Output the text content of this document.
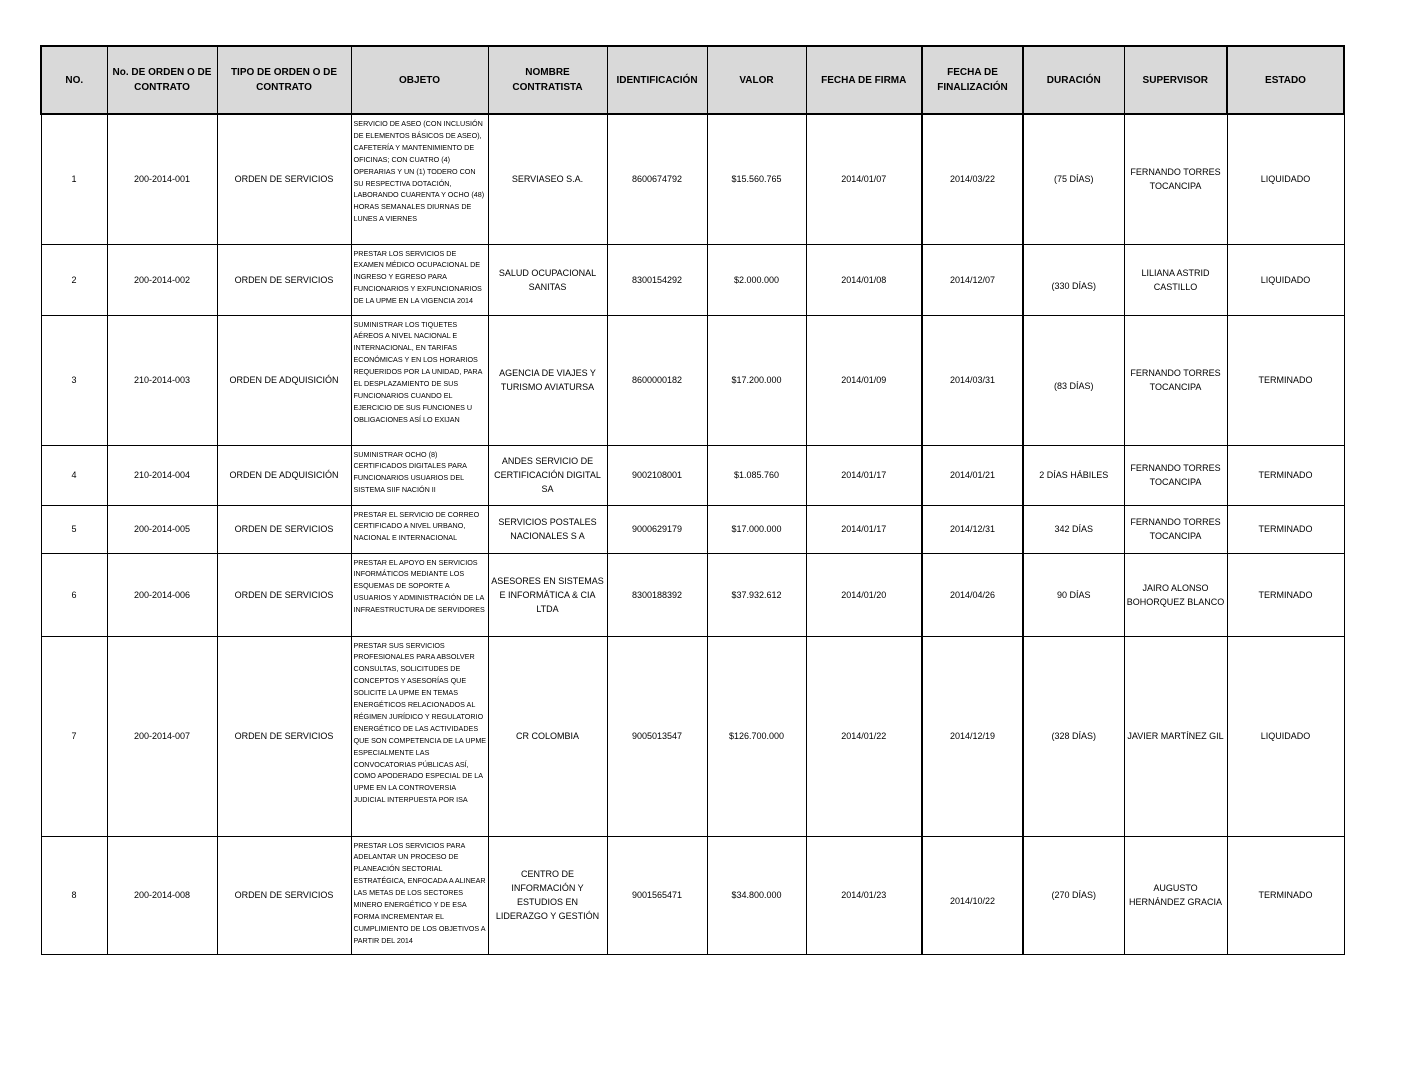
NO.	No. DE ORDEN O DE CONTRATO	TIPO DE ORDEN O DE CONTRATO	OBJETO	NOMBRE CONTRATISTA	IDENTIFICACIÓN	VALOR	FECHA DE FIRMA	FECHA DE FINALIZACIÓN	DURACIÓN	SUPERVISOR	ESTADO
1	200-2014-001	ORDEN DE SERVICIOS	SERVICIO DE ASEO (CON INCLUSIÓN DE ELEMENTOS BÁSICOS DE ASEO), CAFETERÍA Y MANTENIMIENTO DE OFICINAS; CON CUATRO (4) OPERARIAS Y UN (1) TODERO CON SU RESPECTIVA DOTACIÓN, LABORANDO CUARENTA Y OCHO (48) HORAS SEMANALES DIURNAS DE LUNES A VIERNES	SERVIASEO S.A.	8600674792	$15.560.765	2014/01/07	2014/03/22	(75 DÍAS)	FERNANDO TORRES TOCANCIPA	LIQUIDADO
2	200-2014-002	ORDEN DE SERVICIOS	PRESTAR LOS SERVICIOS DE EXAMEN MÉDICO OCUPACIONAL DE INGRESO Y EGRESO PARA FUNCIONARIOS Y EXFUNCIONARIOS DE LA UPME EN LA VIGENCIA 2014	SALUD OCUPACIONAL SANITAS	8300154292	$2.000.000	2014/01/08	2014/12/07	(330 DÍAS)	LILIANA ASTRID CASTILLO	LIQUIDADO
3	210-2014-003	ORDEN DE ADQUISICIÓN	SUMINISTRAR LOS TIQUETES AÉREOS A NIVEL NACIONAL E INTERNACIONAL, EN TARIFAS ECONÓMICAS Y EN LOS HORARIOS REQUERIDOS POR LA UNIDAD, PARA EL DESPLAZAMIENTO DE SUS FUNCIONARIOS CUANDO EL EJERCICIO DE SUS FUNCIONES U OBLIGACIONES ASÍ LO EXIJAN	AGENCIA DE VIAJES Y TURISMO AVIATURSA	8600000182	$17.200.000	2014/01/09	2014/03/31	(83 DÍAS)	FERNANDO TORRES TOCANCIPA	TERMINADO
4	210-2014-004	ORDEN DE ADQUISICIÓN	SUMINISTRAR OCHO (8) CERTIFICADOS DIGITALES PARA FUNCIONARIOS USUARIOS DEL SISTEMA SIIF NACIÓN II	ANDES SERVICIO DE CERTIFICACIÓN DIGITAL SA	9002108001	$1.085.760	2014/01/17	2014/01/21	2 DÍAS HÁBILES	FERNANDO TORRES TOCANCIPA	TERMINADO
5	200-2014-005	ORDEN DE SERVICIOS	PRESTAR EL SERVICIO DE CORREO CERTIFICADO A NIVEL URBANO, NACIONAL E INTERNACIONAL	SERVICIOS POSTALES NACIONALES S A	9000629179	$17.000.000	2014/01/17	2014/12/31	342 DÍAS	FERNANDO TORRES TOCANCIPA	TERMINADO
6	200-2014-006	ORDEN DE SERVICIOS	PRESTAR EL APOYO EN SERVICIOS INFORMÁTICOS MEDIANTE LOS ESQUEMAS DE SOPORTE A USUARIOS Y ADMINISTRACIÓN DE LA INFRAESTRUCTURA DE SERVIDORES	ASESORES EN SISTEMAS E INFORMÁTICA & CIA LTDA	8300188392	$37.932.612	2014/01/20	2014/04/26	90 DÍAS	JAIRO ALONSO BOHORQUEZ BLANCO	TERMINADO
7	200-2014-007	ORDEN DE SERVICIOS	PRESTAR SUS SERVICIOS PROFESIONALES PARA ABSOLVER CONSULTAS, SOLICITUDES DE CONCEPTOS Y ASESORÍAS QUE SOLICITE LA UPME EN TEMAS ENERGÉTICOS RELACIONADOS AL RÉGIMEN JURÍDICO Y REGULATORIO ENERGÉTICO DE LAS ACTIVIDADES QUE SON COMPETENCIA DE LA UPME ESPECIALMENTE LAS CONVOCATORIAS PÚBLICAS ASÍ, COMO APODERADO ESPECIAL DE LA UPME EN LA CONTROVERSIA JUDICIAL INTERPUESTA POR ISA	CR COLOMBIA	9005013547	$126.700.000	2014/01/22	2014/12/19	(328 DÍAS)	JAVIER MARTÍNEZ GIL	LIQUIDADO
8	200-2014-008	ORDEN DE SERVICIOS	PRESTAR LOS SERVICIOS PARA ADELANTAR UN PROCESO DE PLANEACIÓN SECTORIAL ESTRATÉGICA, ENFOCADA A ALINEAR LAS METAS DE LOS SECTORES MINERO ENERGÉTICO Y DE ESA FORMA INCREMENTAR EL CUMPLIMIENTO DE LOS OBJETIVOS A PARTIR DEL 2014	CENTRO DE INFORMACIÓN Y ESTUDIOS EN LIDERAZGO Y GESTIÓN	9001565471	$34.800.000	2014/01/23	2014/10/22	(270 DÍAS)	AUGUSTO HERNÁNDEZ GRACIA	TERMINADO
